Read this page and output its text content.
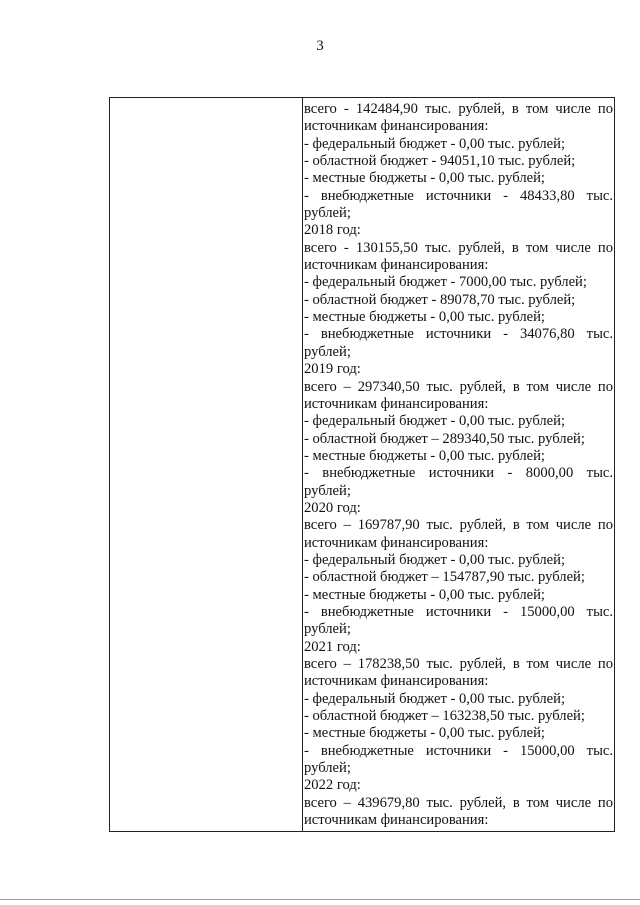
3
всего - 142484,90 тыс. рублей, в том числе по
источникам финансирования:
- федеральный бюджет - 0,00 тыс. рублей;
- областной бюджет - 94051,10 тыс. рублей;
- местные бюджеты - 0,00 тыс. рублей;
- внебюджетные источники - 48433,80 тыс.
рублей;
2018 год:
всего - 130155,50 тыс. рублей, в том числе по
источникам финансирования:
- федеральный бюджет - 7000,00 тыс. рублей;
- областной бюджет - 89078,70 тыс. рублей;
- местные бюджеты - 0,00 тыс. рублей;
- внебюджетные источники - 34076,80 тыс.
рублей;
2019 год:
всего – 297340,50 тыс. рублей, в том числе по
источникам финансирования:
- федеральный бюджет - 0,00 тыс. рублей;
- областной бюджет – 289340,50 тыс. рублей;
- местные бюджеты - 0,00 тыс. рублей;
- внебюджетные источники - 8000,00 тыс.
рублей;
2020 год:
всего – 169787,90 тыс. рублей, в том числе по
источникам финансирования:
- федеральный бюджет - 0,00 тыс. рублей;
- областной бюджет – 154787,90 тыс. рублей;
- местные бюджеты - 0,00 тыс. рублей;
- внебюджетные источники - 15000,00 тыс.
рублей;
2021 год:
всего – 178238,50 тыс. рублей, в том числе по
источникам финансирования:
- федеральный бюджет - 0,00 тыс. рублей;
- областной бюджет – 163238,50 тыс. рублей;
- местные бюджеты - 0,00 тыс. рублей;
- внебюджетные источники - 15000,00 тыс.
рублей;
2022 год:
всего – 439679,80 тыс. рублей, в том числе по
источникам финансирования:
